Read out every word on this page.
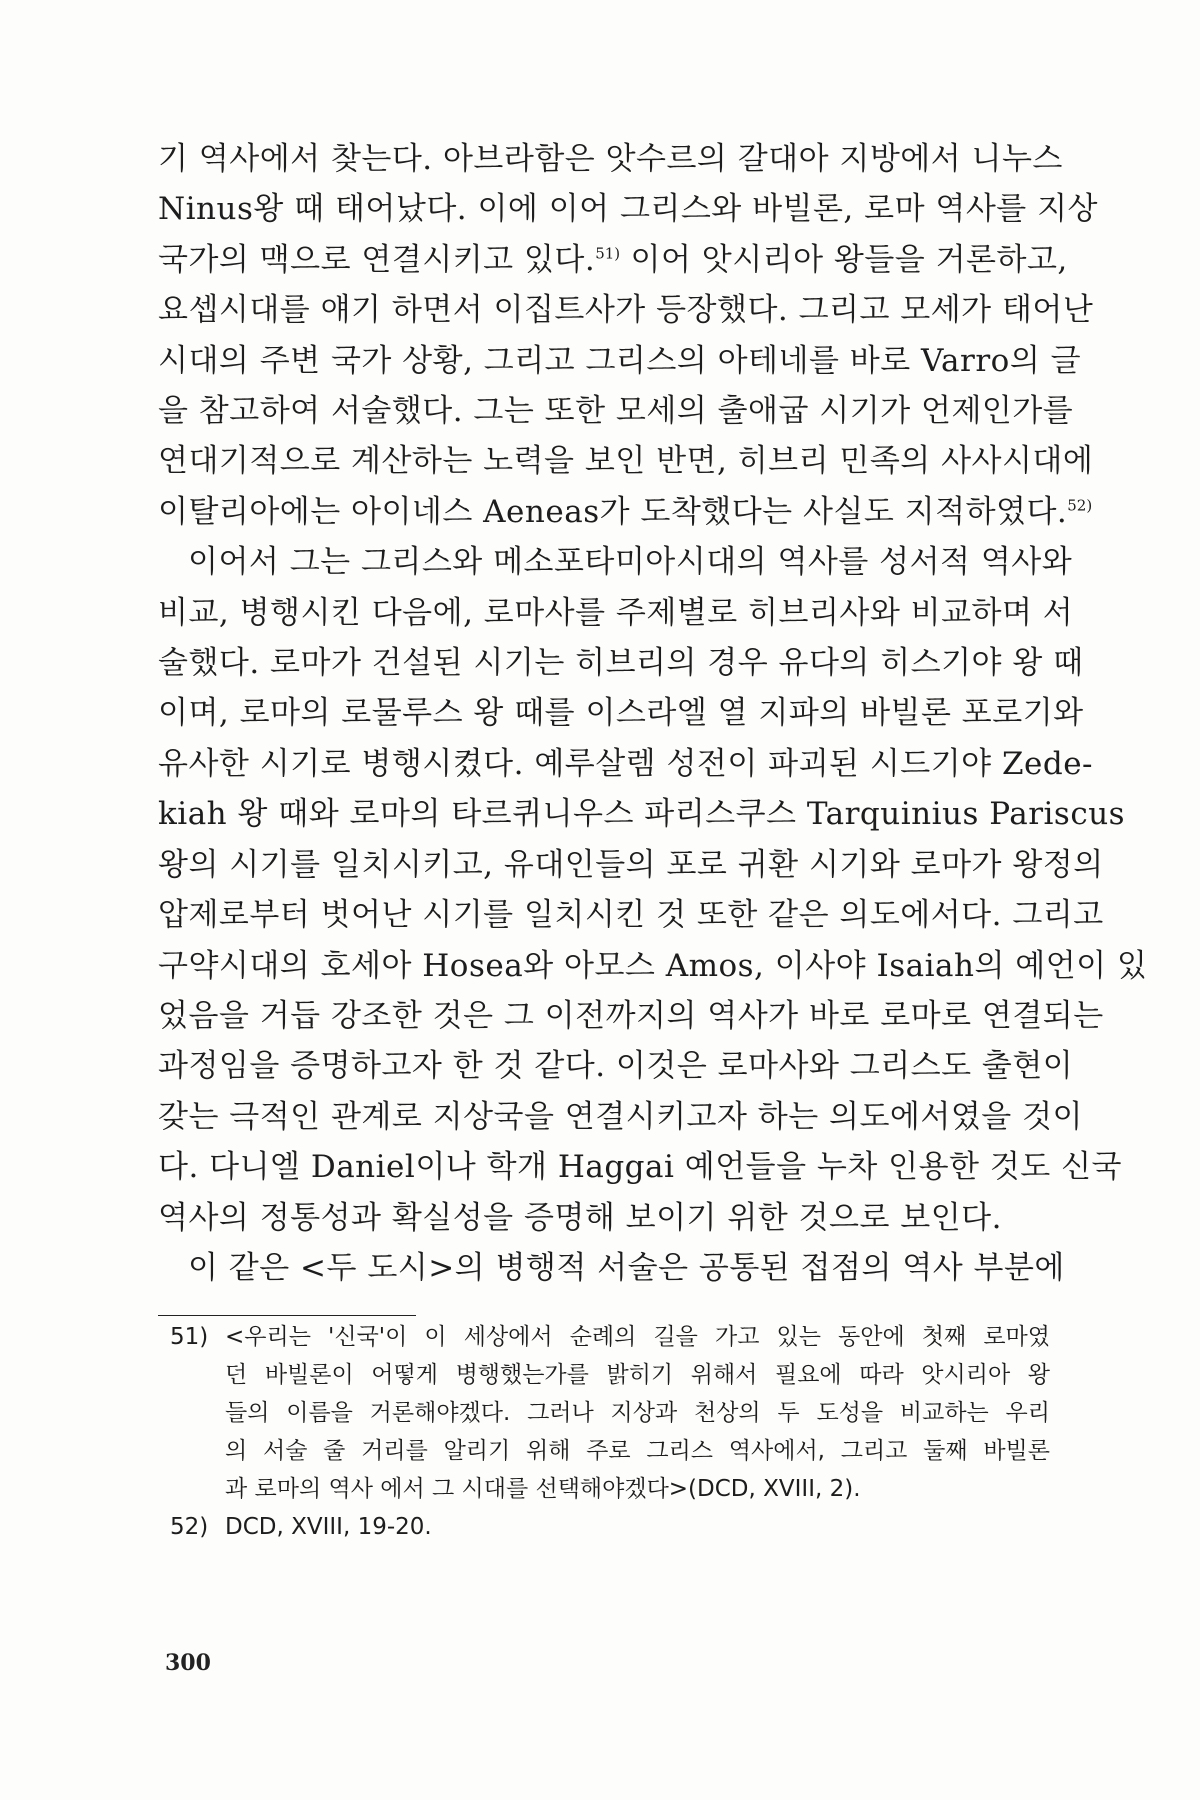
기 역사에서 찾는다. 아브라함은 앗수르의 갈대아 지방에서 니누스
Ninus왕 때 태어났다. 이에 이어 그리스와 바빌론, 로마 역사를 지상
국가의 맥으로 연결시키고 있다.$^{51)}$ 이어 앗시리아 왕들을 거론하고,
요셉시대를 얘기 하면서 이집트사가 등장했다. 그리고 모세가 태어난
시대의 주변 국가 상황, 그리고 그리스의 아테네를 바로 Varro의 글
을 참고하여 서술했다. 그는 또한 모세의 출애굽 시기가 언제인가를
연대기적으로 계산하는 노력을 보인 반면, 히브리 민족의 사사시대에
이탈리아에는 아이네스 Aeneas가 도착했다는 사실도 지적하였다.$^{52)}$

이어서 그는 그리스와 메소포타미아시대의 역사를 성서적 역사와
비교, 병행시킨 다음에, 로마사를 주제별로 히브리사와 비교하며 서
술했다. 로마가 건설된 시기는 히브리의 경우 유다의 히스기야 왕 때
이며, 로마의 로물루스 왕 때를 이스라엘 열 지파의 바빌론 포로기와
유사한 시기로 병행시켰다. 예루살렘 성전이 파괴된 시드기야 Zede-
kiah 왕 때와 로마의 타르퀴니우스 파리스쿠스 Tarquinius Pariscus
왕의 시기를 일치시키고, 유대인들의 포로 귀환 시기와 로마가 왕정의
압제로부터 벗어난 시기를 일치시킨 것 또한 같은 의도에서다. 그리고
구약시대의 호세아 Hosea와 아모스 Amos, 이사야 Isaiah의 예언이 있
었음을 거듭 강조한 것은 그 이전까지의 역사가 바로 로마로 연결되는
과정임을 증명하고자 한 것 같다. 이것은 로마사와 그리스도 출현이
갖는 극적인 관계로 지상국을 연결시키고자 하는 의도에서였을 것이
다. 다니엘 Daniel이나 학개 Haggai 예언들을 누차 인용한 것도 신국
역사의 정통성과 확실성을 증명해 보이기 위한 것으로 보인다.

이 같은 <두 도시>의 병행적 서술은 공통된 접점의 역사 부분에

51) <우리는 '신국'이 이 세상에서 순례의 길을 가고 있는 동안에 첫째 로마였
던 바빌론이 어떻게 병행했는가를 밝히기 위해서 필요에 따라 앗시리아 왕
들의 이름을 거론해야겠다. 그러나 지상과 천상의 두 도성을 비교하는 우리
의 서술 줄 거리를 알리기 위해 주로 그리스 역사에서, 그리고 둘째 바빌론
과 로마의 역사 에서 그 시대를 선택해야겠다>(DCD, XVIII, 2).
52) DCD, XVIII, 19-20.
300
